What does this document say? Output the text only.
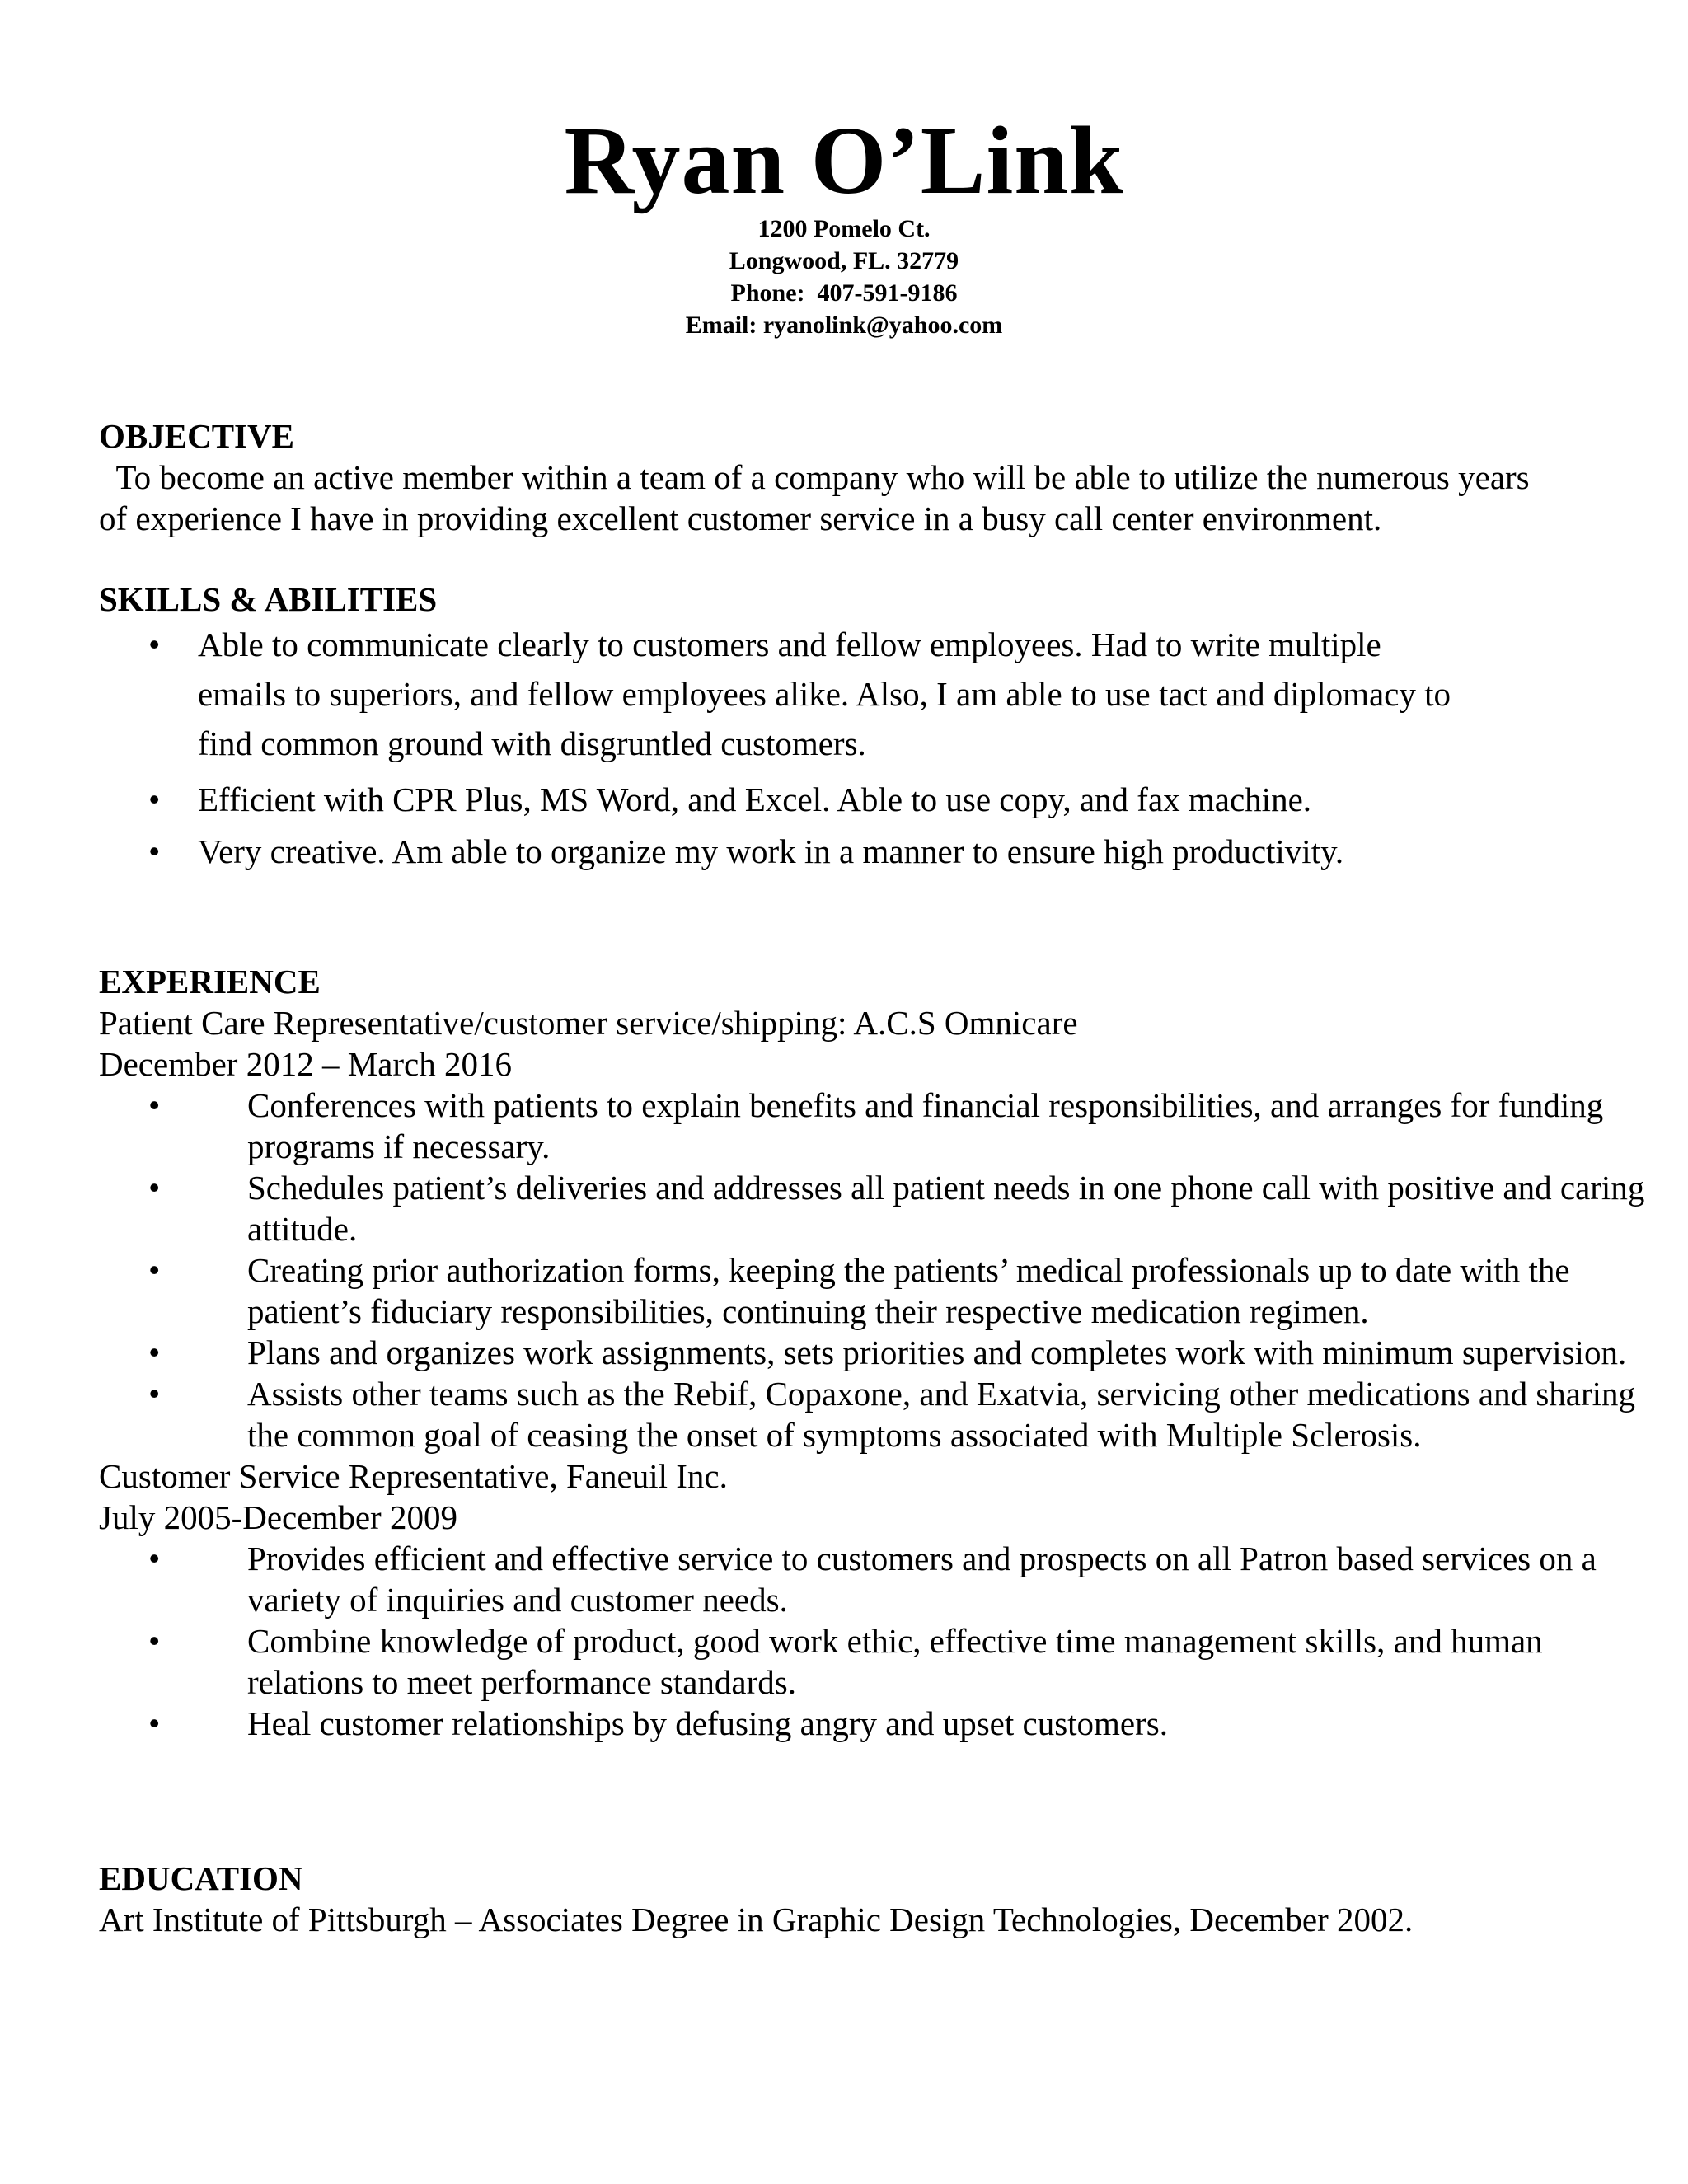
Ryan O’Link
1200 Pomelo Ct.
Longwood, FL. 32779
Phone:  407-591-9186
Email: ryanolink@yahoo.com
OBJECTIVE
To become an active member within a team of a company who will be able to utilize the numerous years of experience I have in providing excellent customer service in a busy call center environment.
SKILLS & ABILITIES
• Able to communicate clearly to customers and fellow employees. Had to write multiple emails to superiors, and fellow employees alike. Also, I am able to use tact and diplomacy to find common ground with disgruntled customers.
• Efficient with CPR Plus, MS Word, and Excel. Able to use copy, and fax machine.
• Very creative. Am able to organize my work in a manner to ensure high productivity.
EXPERIENCE
Patient Care Representative/customer service/shipping: A.C.S Omnicare
December 2012 – March 2016
•	Conferences with patients to explain benefits and financial responsibilities, and arranges for funding programs if necessary.
•	Schedules patient’s deliveries and addresses all patient needs in one phone call with positive and caring attitude.
•	Creating prior authorization forms, keeping the patients’ medical professionals up to date with the patient’s fiduciary responsibilities, continuing their respective medication regimen.
•	Plans and organizes work assignments, sets priorities and completes work with minimum supervision.
•	Assists other teams such as the Rebif, Copaxone, and Exatvia, servicing other medications and sharing the common goal of ceasing the onset of symptoms associated with Multiple Sclerosis.
Customer Service Representative, Faneuil Inc.
July 2005-December 2009
•	Provides efficient and effective service to customers and prospects on all Patron based services on a variety of inquiries and customer needs.
•	Combine knowledge of product, good work ethic, effective time management skills, and human relations to meet performance standards.
•	Heal customer relationships by defusing angry and upset customers.
EDUCATION
Art Institute of Pittsburgh – Associates Degree in Graphic Design Technologies, December 2002.
